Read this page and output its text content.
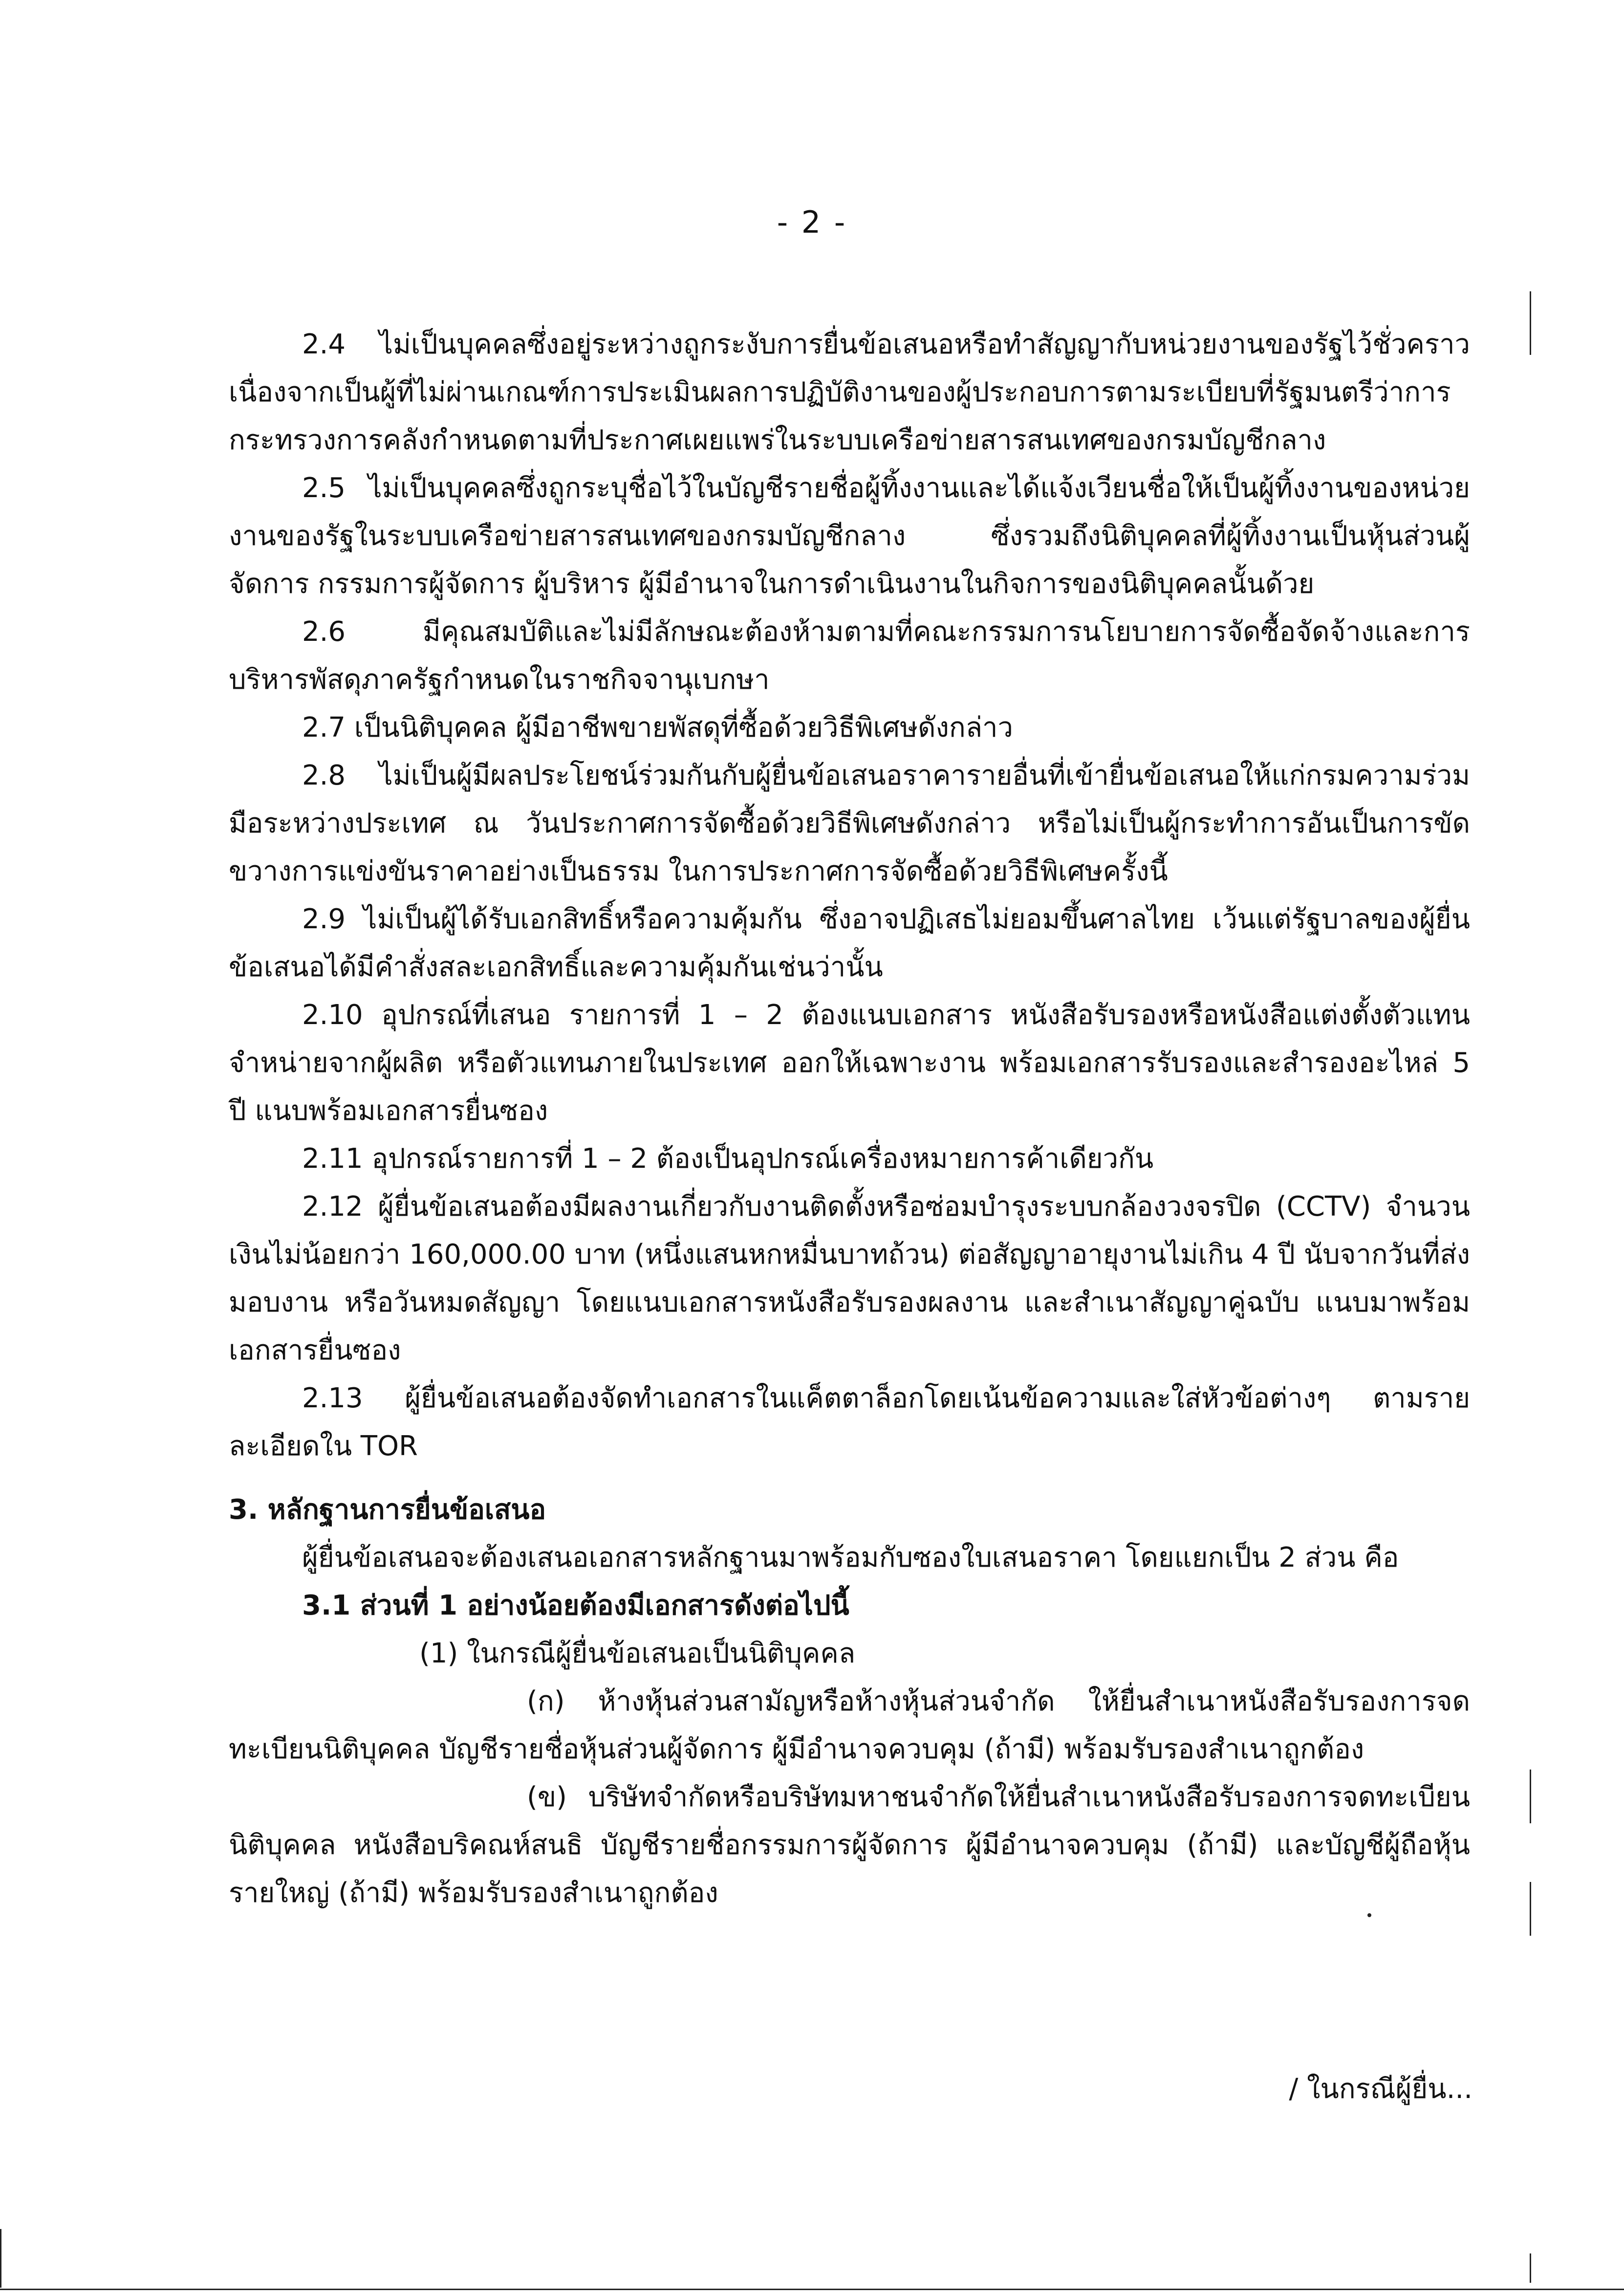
- 2 -

2.4 ไม่เป็นบุคคลซึ่งอยู่ระหว่างถูกระงับการยื่นข้อเสนอหรือทำสัญญากับหน่วยงานของรัฐไว้ชั่วคราว เนื่องจากเป็นผู้ที่ไม่ผ่านเกณฑ์การประเมินผลการปฏิบัติงานของผู้ประกอบการตามระเบียบที่รัฐมนตรีว่าการกระทรวงการคลังกำหนดตามที่ประกาศเผยแพร่ในระบบเครือข่ายสารสนเทศของกรมบัญชีกลาง

2.5 ไม่เป็นบุคคลซึ่งถูกระบุชื่อไว้ในบัญชีรายชื่อผู้ทิ้งงานและได้แจ้งเวียนชื่อให้เป็นผู้ทิ้งงานของหน่วยงานของรัฐในระบบเครือข่ายสารสนเทศของกรมบัญชีกลาง ซึ่งรวมถึงนิติบุคคลที่ผู้ทิ้งงานเป็นหุ้นส่วนผู้จัดการ กรรมการผู้จัดการ ผู้บริหาร ผู้มีอำนาจในการดำเนินงานในกิจการของนิติบุคคลนั้นด้วย

2.6 มีคุณสมบัติและไม่มีลักษณะต้องห้ามตามที่คณะกรรมการนโยบายการจัดซื้อจัดจ้างและการบริหารพัสดุภาครัฐกำหนดในราชกิจจานุเบกษา

2.7 เป็นนิติบุคคล ผู้มีอาชีพขายพัสดุที่ซื้อด้วยวิธีพิเศษดังกล่าว

2.8 ไม่เป็นผู้มีผลประโยชน์ร่วมกันกับผู้ยื่นข้อเสนอราคารายอื่นที่เข้ายื่นข้อเสนอให้แก่กรมความร่วมมือระหว่างประเทศ ณ วันประกาศการจัดซื้อด้วยวิธีพิเศษดังกล่าว หรือไม่เป็นผู้กระทำการอันเป็นการขัดขวางการแข่งขันราคาอย่างเป็นธรรม ในการประกาศการจัดซื้อด้วยวิธีพิเศษครั้งนี้

2.9 ไม่เป็นผู้ได้รับเอกสิทธิ์หรือความคุ้มกัน ซึ่งอาจปฏิเสธไม่ยอมขึ้นศาลไทย เว้นแต่รัฐบาลของผู้ยื่นข้อเสนอได้มีคำสั่งสละเอกสิทธิ์และความคุ้มกันเช่นว่านั้น

2.10 อุปกรณ์ที่เสนอ รายการที่ 1 – 2 ต้องแนบเอกสาร หนังสือรับรองหรือหนังสือแต่งตั้งตัวแทนจำหน่ายจากผู้ผลิต หรือตัวแทนภายในประเทศ ออกให้เฉพาะงาน พร้อมเอกสารรับรองและสำรองอะไหล่ 5 ปี แนบพร้อมเอกสารยื่นซอง

2.11 อุปกรณ์รายการที่ 1 – 2 ต้องเป็นอุปกรณ์เครื่องหมายการค้าเดียวกัน

2.12 ผู้ยื่นข้อเสนอต้องมีผลงานเกี่ยวกับงานติดตั้งหรือซ่อมบำรุงระบบกล้องวงจรปิด (CCTV) จำนวนเงินไม่น้อยกว่า 160,000.00 บาท (หนึ่งแสนหกหมื่นบาทถ้วน) ต่อสัญญาอายุงานไม่เกิน 4 ปี นับจากวันที่ส่งมอบงาน หรือวันหมดสัญญา โดยแนบเอกสารหนังสือรับรองผลงาน และสำเนาสัญญาคู่ฉบับ แนบมาพร้อมเอกสารยื่นซอง

2.13 ผู้ยื่นข้อเสนอต้องจัดทำเอกสารในแค็ตตาล็อกโดยเน้นข้อความและใส่หัวข้อต่างๆ ตามรายละเอียดใน TOR

3. หลักฐานการยื่นข้อเสนอ

ผู้ยื่นข้อเสนอจะต้องเสนอเอกสารหลักฐานมาพร้อมกับซองใบเสนอราคา โดยแยกเป็น 2 ส่วน คือ

3.1 ส่วนที่ 1 อย่างน้อยต้องมีเอกสารดังต่อไปนี้

(1) ในกรณีผู้ยื่นข้อเสนอเป็นนิติบุคคล

(ก) ห้างหุ้นส่วนสามัญหรือห้างหุ้นส่วนจำกัด ให้ยื่นสำเนาหนังสือรับรองการจดทะเบียนนิติบุคคล บัญชีรายชื่อหุ้นส่วนผู้จัดการ ผู้มีอำนาจควบคุม (ถ้ามี) พร้อมรับรองสำเนาถูกต้อง

(ข) บริษัทจำกัดหรือบริษัทมหาชนจำกัดให้ยื่นสำเนาหนังสือรับรองการจดทะเบียนนิติบุคคล หนังสือบริคณห์สนธิ บัญชีรายชื่อกรรมการผู้จัดการ ผู้มีอำนาจควบคุม (ถ้ามี) และบัญชีผู้ถือหุ้นรายใหญ่ (ถ้ามี) พร้อมรับรองสำเนาถูกต้อง

/ ในกรณีผู้ยื่น...
